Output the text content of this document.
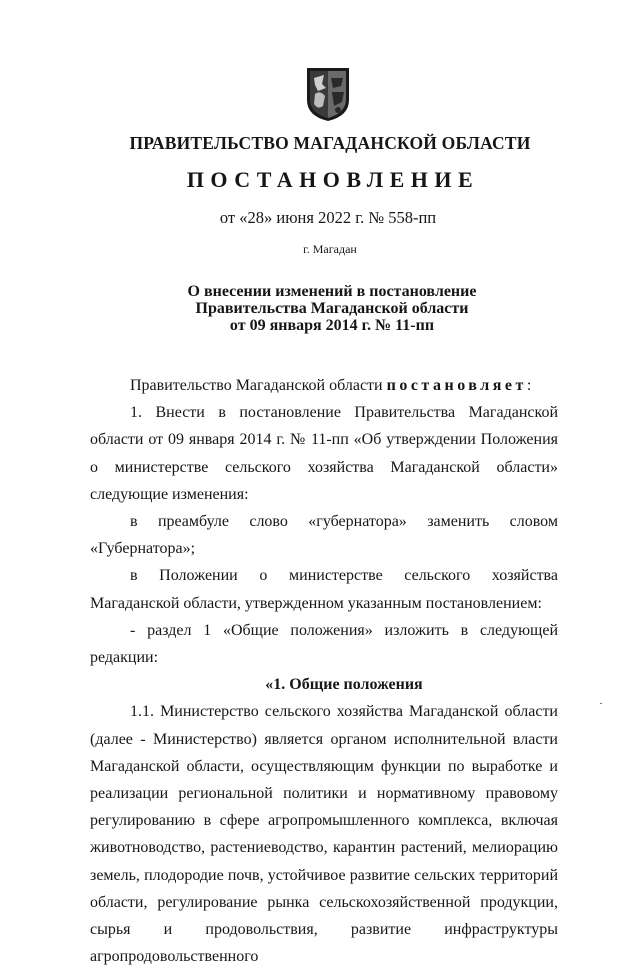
ПРАВИТЕЛЬСТВО МАГАДАНСКОЙ ОБЛАСТИ
ПОСТАНОВЛЕНИЕ
от «28» июня 2022 г. № 558-пп
г. Магадан
О внесении изменений в постановление
Правительства Магаданской области
от 09 января 2014 г. № 11-пп

Правительство Магаданской области постановляет:

1. Внести в постановление Правительства Магаданской области от 09 января 2014 г. № 11-пп «Об утверждении Положения о министерстве сельского хозяйства Магаданской области» следующие изменения:

в преамбуле слово «губернатора» заменить словом «Губернатора»;

в Положении о министерстве сельского хозяйства Магаданской области, утвержденном указанным постановлением:

- раздел 1 «Общие положения» изложить в следующей редакции:

«1. Общие положения

1.1. Министерство сельского хозяйства Магаданской области (далее - Министерство) является органом исполнительной власти Магаданской области, осуществляющим функции по выработке и реализации региональной политики и нормативному правовому регулированию в сфере агропромышленного комплекса, включая животноводство, растениеводство, карантин растений, мелиорацию земель, плодородие почв, устойчивое развитие сельских территорий области, регулирование рынка сельскохозяйственной продукции, сырья и продовольствия, развитие инфраструктуры агропродовольственного
